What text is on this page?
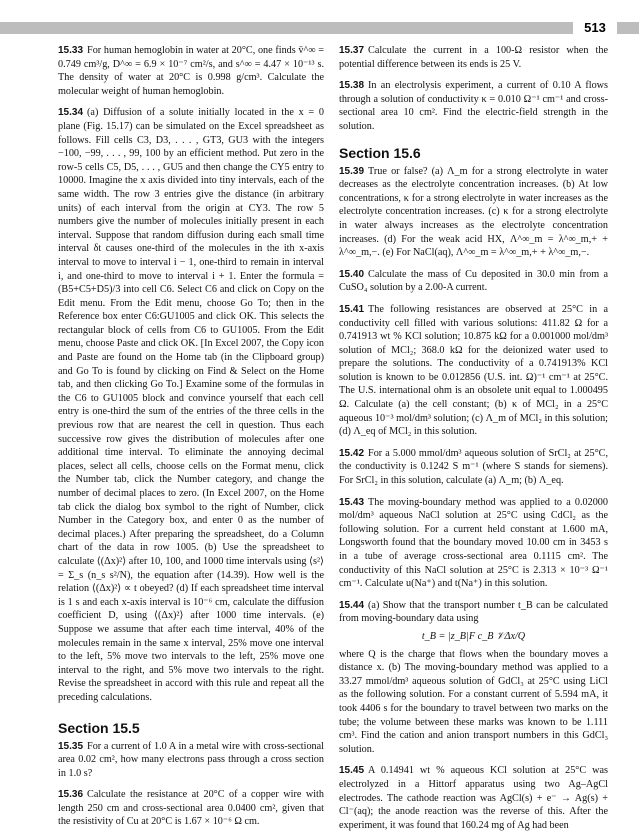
513

15.33 For human hemoglobin in water at 20°C, one finds v̄^∞ = 0.749 cm³/g, D^∞ = 6.9 × 10⁻⁷ cm²/s, and s^∞ = 4.47 × 10⁻¹³ s. The density of water at 20°C is 0.998 g/cm³. Calculate the molecular weight of human hemoglobin.

15.34 (a) Diffusion of a solute initially located in the x = 0 plane (Fig. 15.17) can be simulated on the Excel spreadsheet as follows. Fill cells C3, D3, . . . , GT3, GU3 with the integers −100, −99, . . . , 99, 100 by an efficient method. Put zero in the row-5 cells C5, D5, . . . , GU5 and then change the CY5 entry to 10000. Imagine the x axis divided into tiny intervals, each of the same width. The row 3 entries give the distance (in arbitrary units) of each interval from the origin at CY3. The row 5 numbers give the number of molecules initially present in each interval. Suppose that random diffusion during each small time interval δt causes one-third of the molecules in the ith x-axis interval to move to interval i − 1, one-third to remain in interval i, and one-third to move to interval i + 1. Enter the formula =(B5+C5+D5)/3 into cell C6. Select C6 and click on Copy on the Edit menu. From the Edit menu, choose Go To; then in the Reference box enter C6:GU1005 and click OK. This selects the rectangular block of cells from C6 to GU1005. From the Edit menu, choose Paste and click OK. [In Excel 2007, the Copy icon and Paste are found on the Home tab (in the Clipboard group) and Go To is found by clicking on Find & Select on the Home tab, and then clicking Go To.] Examine some of the formulas in the C6 to GU1005 block and convince yourself that each cell entry is one-third the sum of the entries of the three cells in the previous row that are nearest the cell in question. Thus each successive row gives the distribution of molecules after one additional time interval. To eliminate the annoying decimal places, select all cells, choose cells on the Format menu, click the Number tab, click the Number category, and change the number of decimal places to zero. (In Excel 2007, on the Home tab click the dialog box symbol to the right of Number, click Number in the Category box, and enter 0 as the number of decimal places.) After preparing the spreadsheet, do a Column chart of the data in row 1005. (b) Use the spreadsheet to calculate ⟨(Δx)²⟩ after 10, 100, and 1000 time intervals using ⟨s²⟩ = Σ_s (n_s s²/N), the equation after (14.39). How well is the relation ⟨(Δx)²⟩ ∝ t obeyed? (d) If each spreadsheet time interval is 1 s and each x-axis interval is 10⁻⁶ cm, calculate the diffusion coefficient D, using ⟨(Δx)²⟩ after 1000 time intervals. (e) Suppose we assume that after each time interval, 40% of the molecules remain in the same x interval, 25% move one interval to the left, 5% move two intervals to the left, 25% move one interval to the right, and 5% move two intervals to the right. Revise the spreadsheet in accord with this rule and repeat all the preceding calculations.

Section 15.5

15.35 For a current of 1.0 A in a metal wire with cross-sectional area 0.02 cm², how many electrons pass through a cross section in 1.0 s?

15.36 Calculate the resistance at 20°C of a copper wire with length 250 cm and cross-sectional area 0.0400 cm², given that the resistivity of Cu at 20°C is 1.67 × 10⁻⁶ Ω cm.

15.37 Calculate the current in a 100-Ω resistor when the potential difference between its ends is 25 V.

15.38 In an electrolysis experiment, a current of 0.10 A flows through a solution of conductivity κ = 0.010 Ω⁻¹ cm⁻¹ and cross-sectional area 10 cm². Find the electric-field strength in the solution.

Section 15.6

15.39 True or false? (a) Λ_m for a strong electrolyte in water decreases as the electrolyte concentration increases. (b) At low concentrations, κ for a strong electrolyte in water increases as the electrolyte concentration increases. (c) κ for a strong electrolyte in water always increases as the electrolyte concentration increases. (d) For the weak acid HX, Λ^∞_m = λ^∞_m,+ + λ^∞_m,−. (e) For NaCl(aq), Λ^∞_m = λ^∞_m,+ + λ^∞_m,−.

15.40 Calculate the mass of Cu deposited in 30.0 min from a CuSO₄ solution by a 2.00-A current.

15.41 The following resistances are observed at 25°C in a conductivity cell filled with various solutions: 411.82 Ω for a 0.741913 wt % KCl solution; 10.875 kΩ for a 0.001000 mol/dm³ solution of MCl₂; 368.0 kΩ for the deionized water used to prepare the solutions. The conductivity of a 0.741913% KCl solution is known to be 0.012856 (U.S. int. Ω)⁻¹ cm⁻¹ at 25°C. The U.S. international ohm is an obsolete unit equal to 1.000495 Ω. Calculate (a) the cell constant; (b) κ of MCl₂ in a 25°C aqueous 10⁻³ mol/dm³ solution; (c) Λ_m of MCl₂ in this solution; (d) Λ_eq of MCl₂ in this solution.

15.42 For a 5.000 mmol/dm³ aqueous solution of SrCl₂ at 25°C, the conductivity is 0.1242 S m⁻¹ (where S stands for siemens). For SrCl₂ in this solution, calculate (a) Λ_m; (b) Λ_eq.

15.43 The moving-boundary method was applied to a 0.02000 mol/dm³ aqueous NaCl solution at 25°C using CdCl₂ as the following solution. For a current held constant at 1.600 mA, Longsworth found that the boundary moved 10.00 cm in 3453 s in a tube of average cross-sectional area 0.1115 cm². The conductivity of this NaCl solution at 25°C is 2.313 × 10⁻³ Ω⁻¹ cm⁻¹. Calculate u(Na⁺) and t(Na⁺) in this solution.

15.44 (a) Show that the transport number t_B can be calculated from moving-boundary data using

t_B = |z_B|F c_B 𝒱Δx/Q

where Q is the charge that flows when the boundary moves a distance x. (b) The moving-boundary method was applied to a 33.27 mmol/dm³ aqueous solution of GdCl₃ at 25°C using LiCl as the following solution. For a constant current of 5.594 mA, it took 4406 s for the boundary to travel between two marks on the tube; the volume between these marks was known to be 1.111 cm³. Find the cation and anion transport numbers in this GdCl₃ solution.

15.45 A 0.14941 wt % aqueous KCl solution at 25°C was electrolyzed in a Hittorf apparatus using two Ag–AgCl electrodes. The cathode reaction was AgCl(s) + e⁻ → Ag(s) + Cl⁻(aq); the anode reaction was the reverse of this. After the experiment, it was found that 160.24 mg of Ag had been
